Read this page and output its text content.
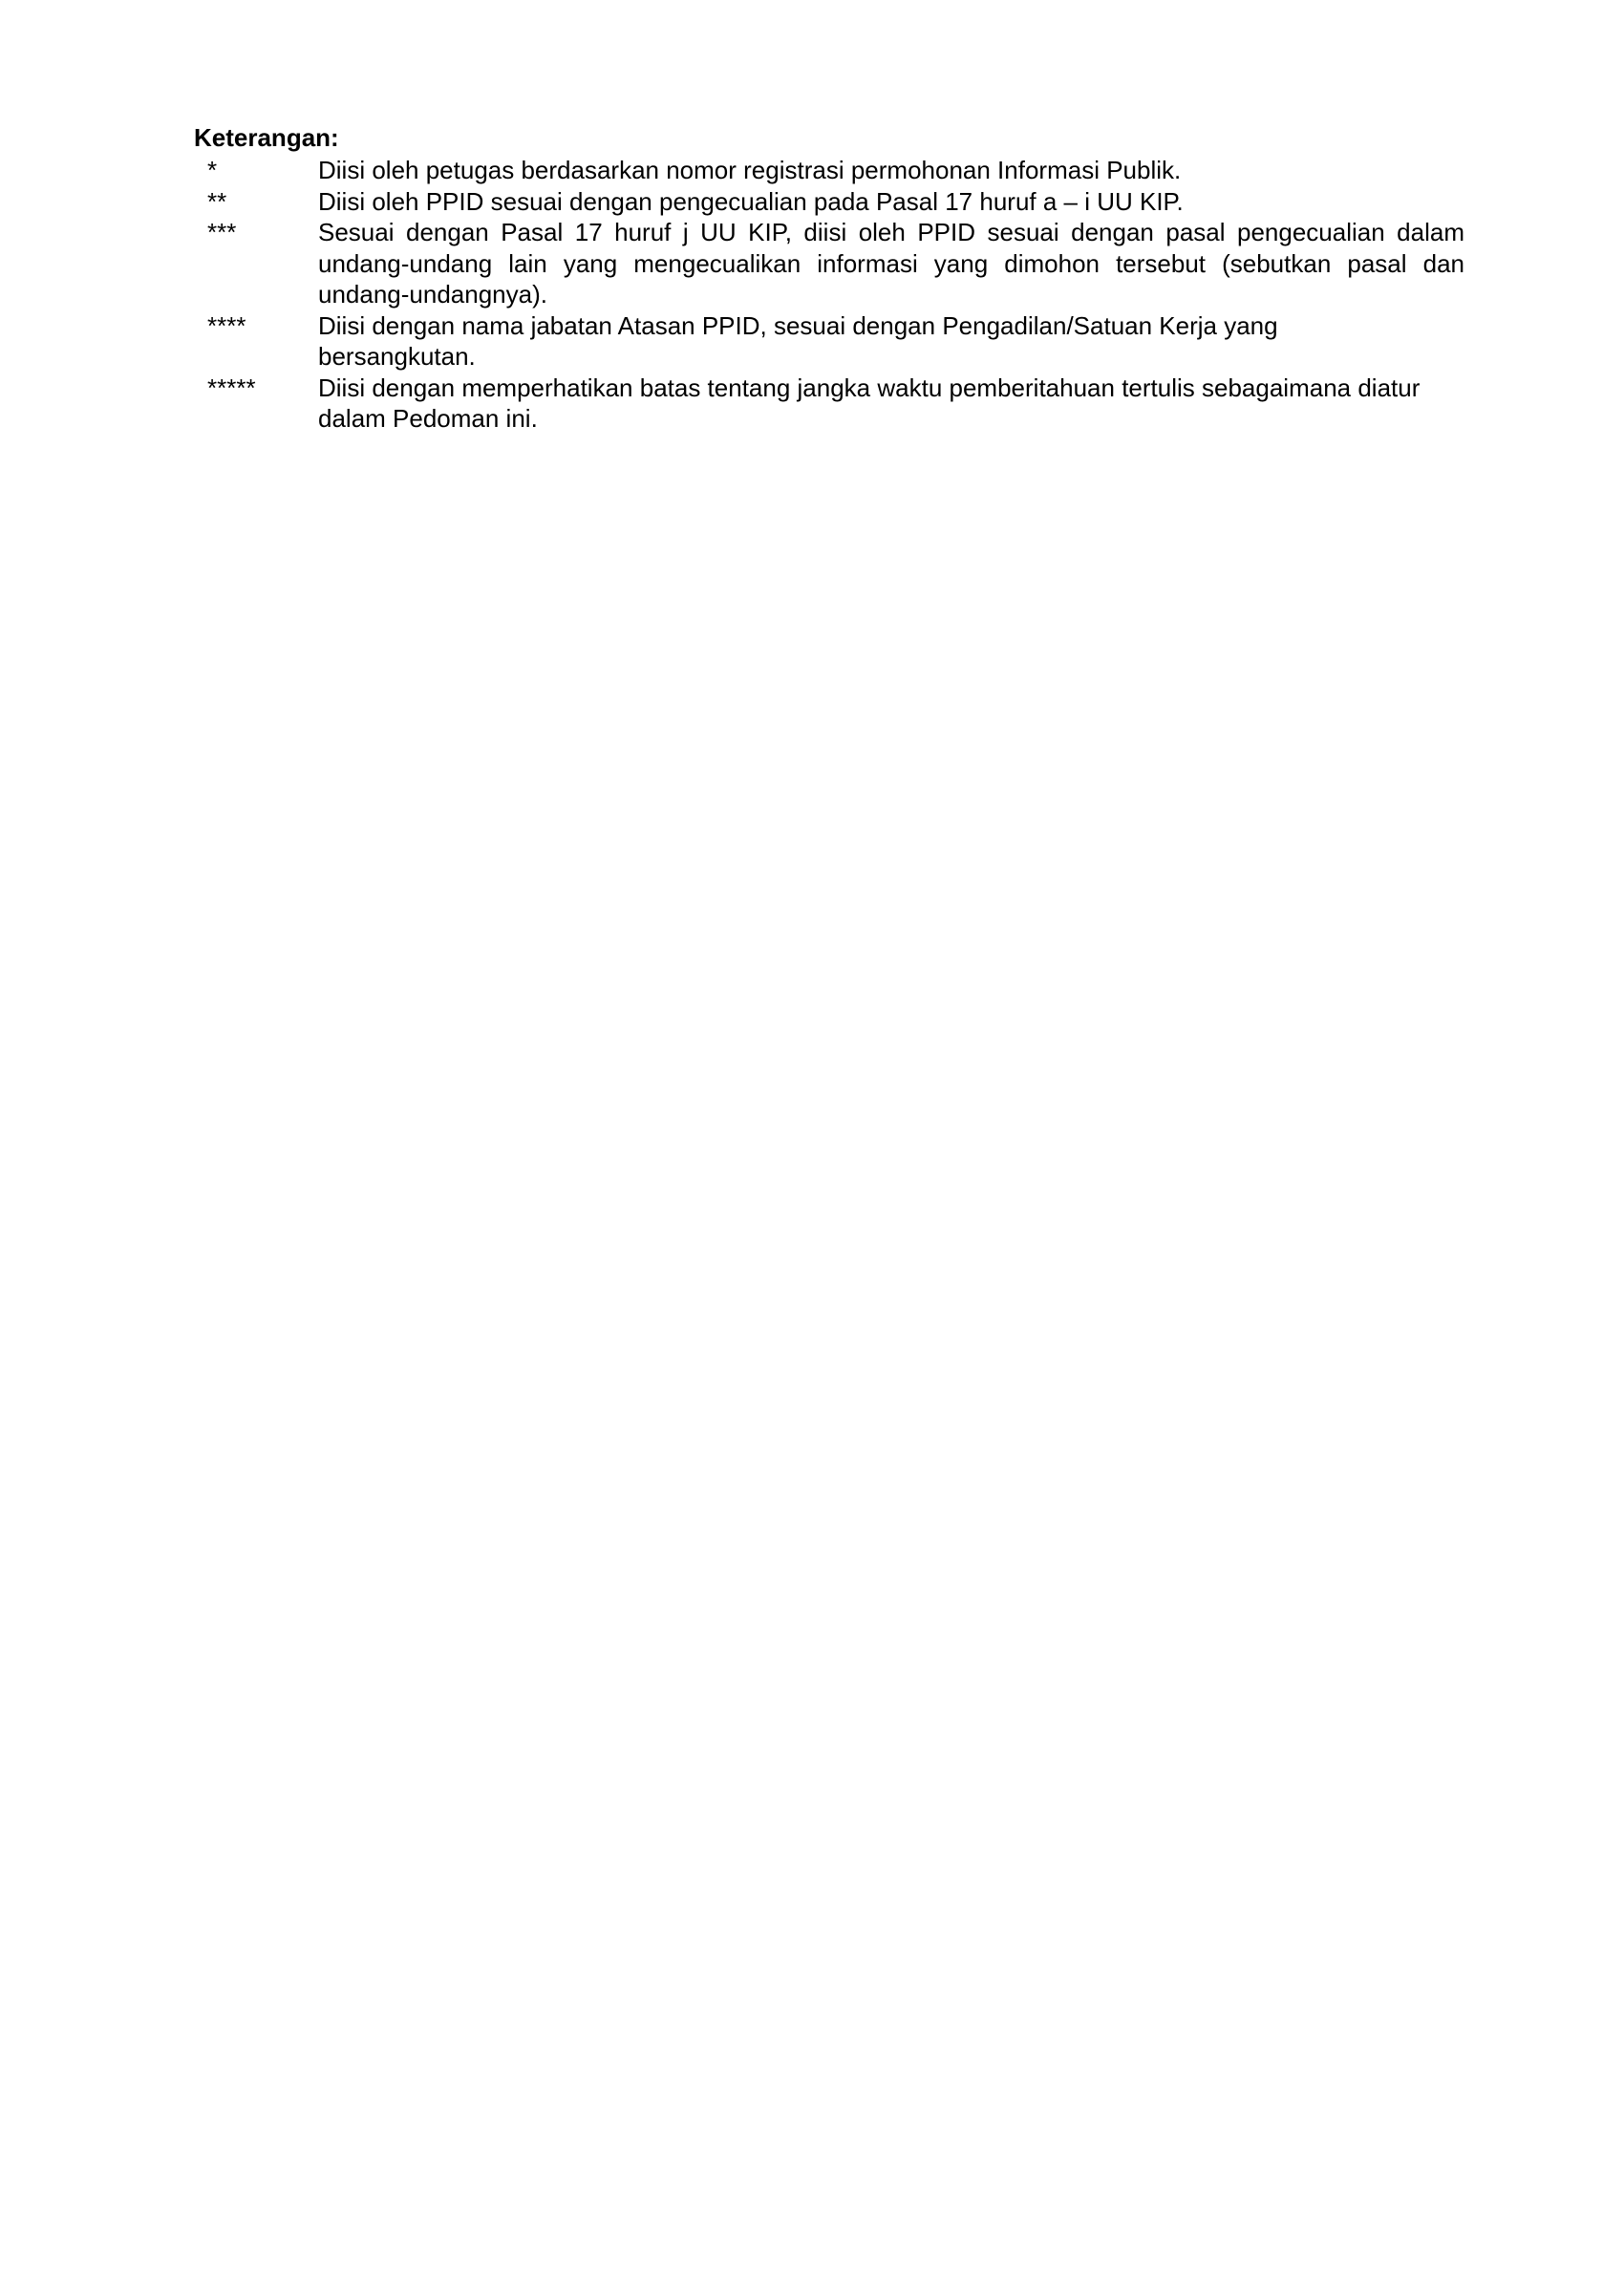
Keterangan:
*	Diisi oleh petugas berdasarkan nomor registrasi permohonan Informasi Publik.
**	Diisi oleh PPID sesuai dengan pengecualian pada Pasal 17 huruf a – i UU KIP.
***	Sesuai dengan Pasal 17 huruf j UU KIP, diisi oleh PPID sesuai dengan pasal pengecualian dalam undang-undang lain yang mengecualikan informasi yang dimohon tersebut (sebutkan pasal dan undang-undangnya).
****	Diisi dengan nama jabatan Atasan PPID, sesuai dengan Pengadilan/Satuan Kerja yang bersangkutan.
*****	Diisi dengan memperhatikan batas tentang jangka waktu pemberitahuan tertulis sebagaimana diatur dalam Pedoman ini.
